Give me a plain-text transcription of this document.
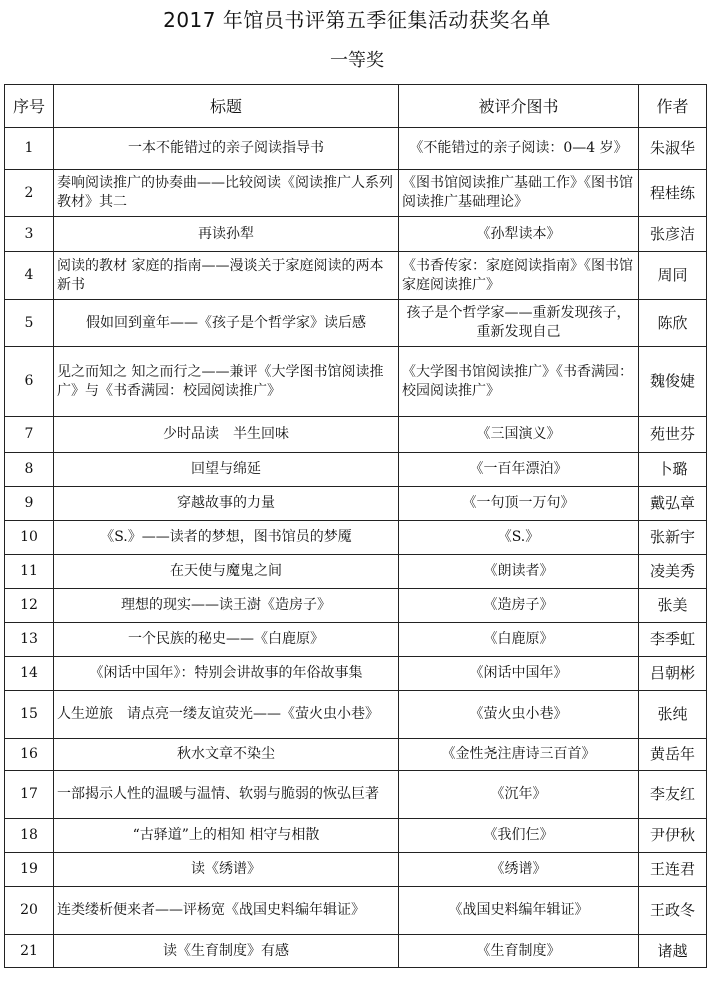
2017 年馆员书评第五季征集活动获奖名单
一等奖
序号	标题	被评介图书	作者
1	一本不能错过的亲子阅读指导书	《不能错过的亲子阅读：0—4 岁》	朱淑华
2	奏响阅读推广的协奏曲——比较阅读《阅读推广人系列教材》其二	《图书馆阅读推广基础工作》《图书馆阅读推广基础理论》	程桂练
3	再读孙犁	《孙犁读本》	张彦洁
4	阅读的教材 家庭的指南——漫谈关于家庭阅读的两本新书	《书香传家：家庭阅读指南》《图书馆家庭阅读推广》	周同
5	假如回到童年——《孩子是个哲学家》读后感	孩子是个哲学家——重新发现孩子，重新发现自己	陈欣
6	见之而知之 知之而行之——兼评《大学图书馆阅读推广》与《书香满园：校园阅读推广》	《大学图书馆阅读推广》《书香满园：校园阅读推广》	魏俊婕
7	少时品读　半生回味	《三国演义》	苑世芬
8	回望与绵延	《一百年漂泊》	卜璐
9	穿越故事的力量	《一句顶一万句》	戴弘章
10	《S.》——读者的梦想，图书馆员的梦魇	《S.》	张新宇
11	在天使与魔鬼之间	《朗读者》	凌美秀
12	理想的现实——读王澍《造房子》	《造房子》	张美
13	一个民族的秘史——《白鹿原》	《白鹿原》	李季虹
14	《闲话中国年》：特别会讲故事的年俗故事集	《闲话中国年》	吕朝彬
15	人生逆旅　请点亮一缕友谊荧光——《萤火虫小巷》	《萤火虫小巷》	张纯
16	秋水文章不染尘	《金性尧注唐诗三百首》	黄岳年
17	一部揭示人性的温暖与温情、软弱与脆弱的恢弘巨著	《沉年》	李友红
18	“古驿道”上的相知 相守与相散	《我们仨》	尹伊秋
19	读《绣谱》	《绣谱》	王连君
20	连类缕析便来者——评杨宽《战国史料编年辑证》	《战国史料编年辑证》	王政冬
21	读《生育制度》有感	《生育制度》	诸越
